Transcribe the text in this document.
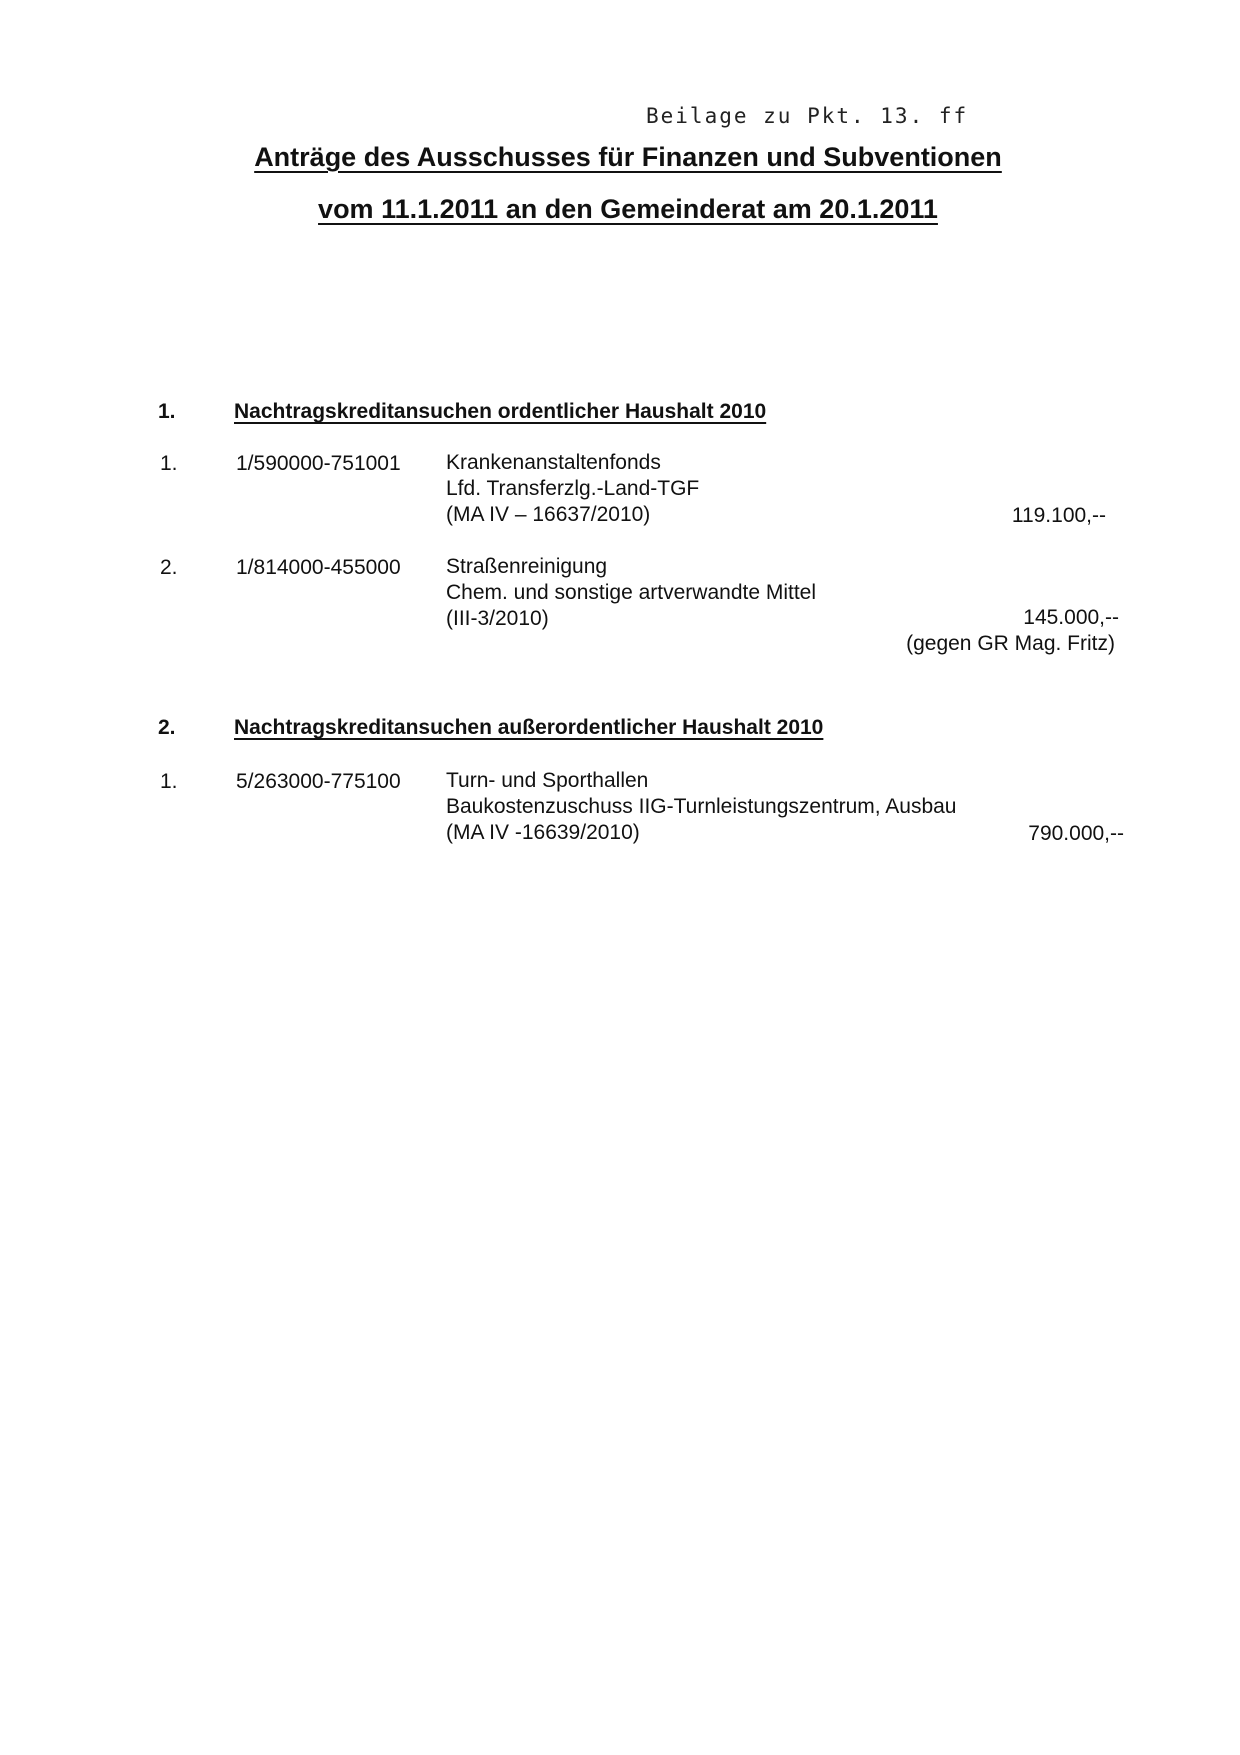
Beilage zu Pkt. 13. ff
Anträge des Ausschusses für Finanzen und Subventionen
vom 11.1.2011 an den Gemeinderat am 20.1.2011
1.	Nachtragskreditansuchen ordentlicher Haushalt 2010
1.	1/590000-751001 Krankenanstaltenfonds
Lfd. Transferzlg.-Land-TGF
(MA IV – 16637/2010)	119.100,--
2.	1/814000-455000 Straßenreinigung
Chem. und sonstige artverwandte Mittel
(III-3/2010)	145.000,--
(gegen GR Mag. Fritz)
2.	Nachtragskreditansuchen außerordentlicher Haushalt 2010
1.	5/263000-775100 Turn- und Sporthallen
Baukostenzuschuss IIG-Turnleistungszentrum, Ausbau
(MA IV -16639/2010)	790.000,--
